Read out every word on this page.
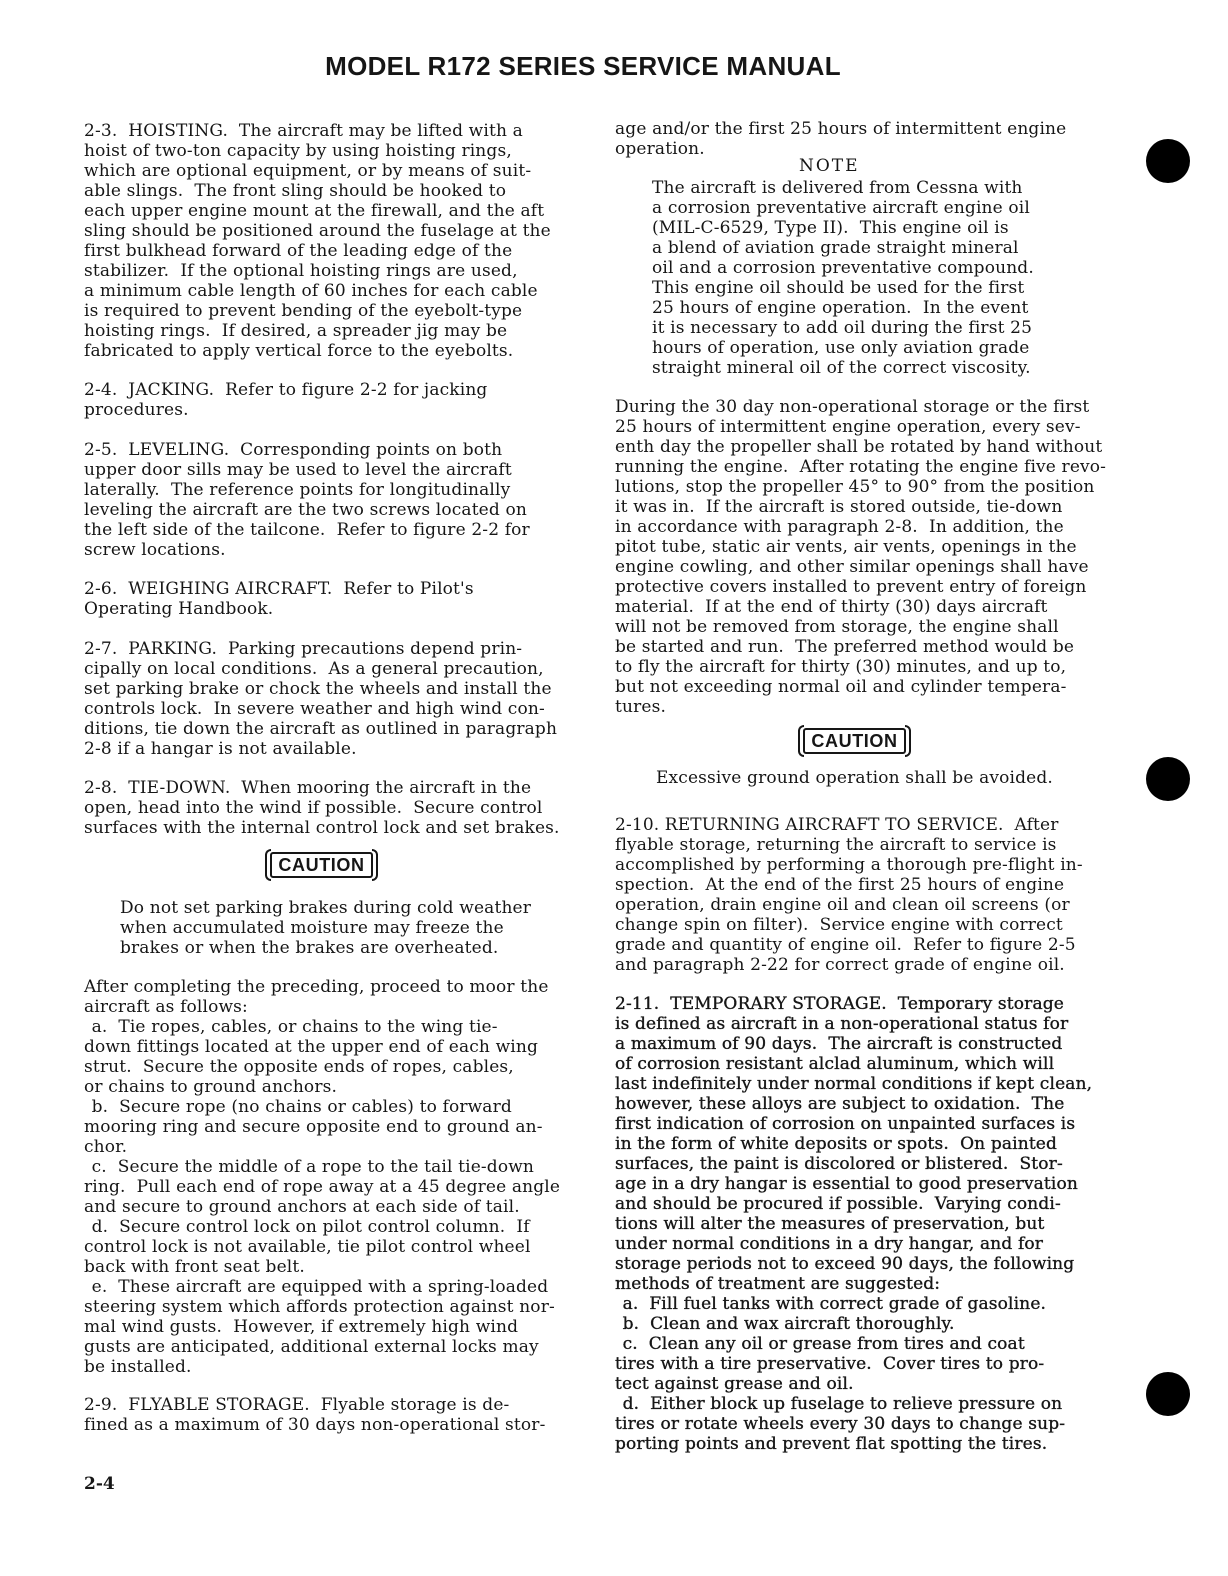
MODEL R172 SERIES SERVICE MANUAL
2-3. HOISTING. The aircraft may be lifted with a
hoist of two-ton capacity by using hoisting rings,
which are optional equipment, or by means of suit-
able slings.  The front sling should be hooked to
each upper engine mount at the firewall, and the aft
sling should be positioned around the fuselage at the
first bulkhead forward of the leading edge of the
stabilizer.  If the optional hoisting rings are used,
a minimum cable length of 60 inches for each cable
is required to prevent bending of the eyebolt-type
hoisting rings.  If desired, a spreader jig may be
fabricated to apply vertical force to the eyebolts.
2-4. JACKING. Refer to figure 2-2 for jacking
procedures.
2-5. LEVELING. Corresponding points on both
upper door sills may be used to level the aircraft
laterally.  The reference points for longitudinally
leveling the aircraft are the two screws located on
the left side of the tailcone.  Refer to figure 2-2 for
screw locations.
2-6. WEIGHING AIRCRAFT. Refer to Pilot's
Operating Handbook.
2-7. PARKING. Parking precautions depend prin-
cipally on local conditions.  As a general precaution,
set parking brake or chock the wheels and install the
controls lock.  In severe weather and high wind con-
ditions, tie down the aircraft as outlined in paragraph
2-8 if a hangar is not available.
2-8. TIE-DOWN. When mooring the aircraft in the
open, head into the wind if possible.  Secure control
surfaces with the internal control lock and set brakes.
CAUTION
Do not set parking brakes during cold weather
when accumulated moisture may freeze the
brakes or when the brakes are overheated.
After completing the preceding, proceed to moor the
aircraft as follows:
a. Tie ropes, cables, or chains to the wing tie-
down fittings located at the upper end of each wing
strut.  Secure the opposite ends of ropes, cables,
or chains to ground anchors.
b. Secure rope (no chains or cables) to forward
mooring ring and secure opposite end to ground an-
chor.
c. Secure the middle of a rope to the tail tie-down
ring.  Pull each end of rope away at a 45 degree angle
and secure to ground anchors at each side of tail.
d. Secure control lock on pilot control column.  If
control lock is not available, tie pilot control wheel
back with front seat belt.
e. These aircraft are equipped with a spring-loaded
steering system which affords protection against nor-
mal wind gusts.  However, if extremely high wind
gusts are anticipated, additional external locks may
be installed.
2-9. FLYABLE STORAGE. Flyable storage is de-
fined as a maximum of 30 days non-operational stor-
2-4
age and/or the first 25 hours of intermittent engine
operation.
NOTE
The aircraft is delivered from Cessna with
a corrosion preventative aircraft engine oil
(MIL-C-6529, Type II).  This engine oil is
a blend of aviation grade straight mineral
oil and a corrosion preventative compound.
This engine oil should be used for the first
25 hours of engine operation.  In the event
it is necessary to add oil during the first 25
hours of operation, use only aviation grade
straight mineral oil of the correct viscosity.
During the 30 day non-operational storage or the first
25 hours of intermittent engine operation, every sev-
enth day the propeller shall be rotated by hand without
running the engine.  After rotating the engine five revo-
lutions, stop the propeller 45° to 90° from the position
it was in.  If the aircraft is stored outside, tie-down
in accordance with paragraph 2-8.  In addition, the
pitot tube, static air vents, air vents, openings in the
engine cowling, and other similar openings shall have
protective covers installed to prevent entry of foreign
material.  If at the end of thirty (30) days aircraft
will not be removed from storage, the engine shall
be started and run.  The preferred method would be
to fly the aircraft for thirty (30) minutes, and up to,
but not exceeding normal oil and cylinder tempera-
tures.
CAUTION
Excessive ground operation shall be avoided.
2-10. RETURNING AIRCRAFT TO SERVICE. After
flyable storage, returning the aircraft to service is
accomplished by performing a thorough pre-flight in-
spection.  At the end of the first 25 hours of engine
operation, drain engine oil and clean oil screens (or
change spin on filter).  Service engine with correct
grade and quantity of engine oil.  Refer to figure 2-5
and paragraph 2-22 for correct grade of engine oil.
2-11. TEMPORARY STORAGE. Temporary storage
is defined as aircraft in a non-operational status for
a maximum of 90 days.  The aircraft is constructed
of corrosion resistant alclad aluminum, which will
last indefinitely under normal conditions if kept clean,
however, these alloys are subject to oxidation.  The
first indication of corrosion on unpainted surfaces is
in the form of white deposits or spots.  On painted
surfaces, the paint is discolored or blistered.  Stor-
age in a dry hangar is essential to good preservation
and should be procured if possible.  Varying condi-
tions will alter the measures of preservation, but
under normal conditions in a dry hangar, and for
storage periods not to exceed 90 days, the following
methods of treatment are suggested:
a. Fill fuel tanks with correct grade of gasoline.
b. Clean and wax aircraft thoroughly.
c. Clean any oil or grease from tires and coat
tires with a tire preservative.  Cover tires to pro-
tect against grease and oil.
d. Either block up fuselage to relieve pressure on
tires or rotate wheels every 30 days to change sup-
porting points and prevent flat spotting the tires.
